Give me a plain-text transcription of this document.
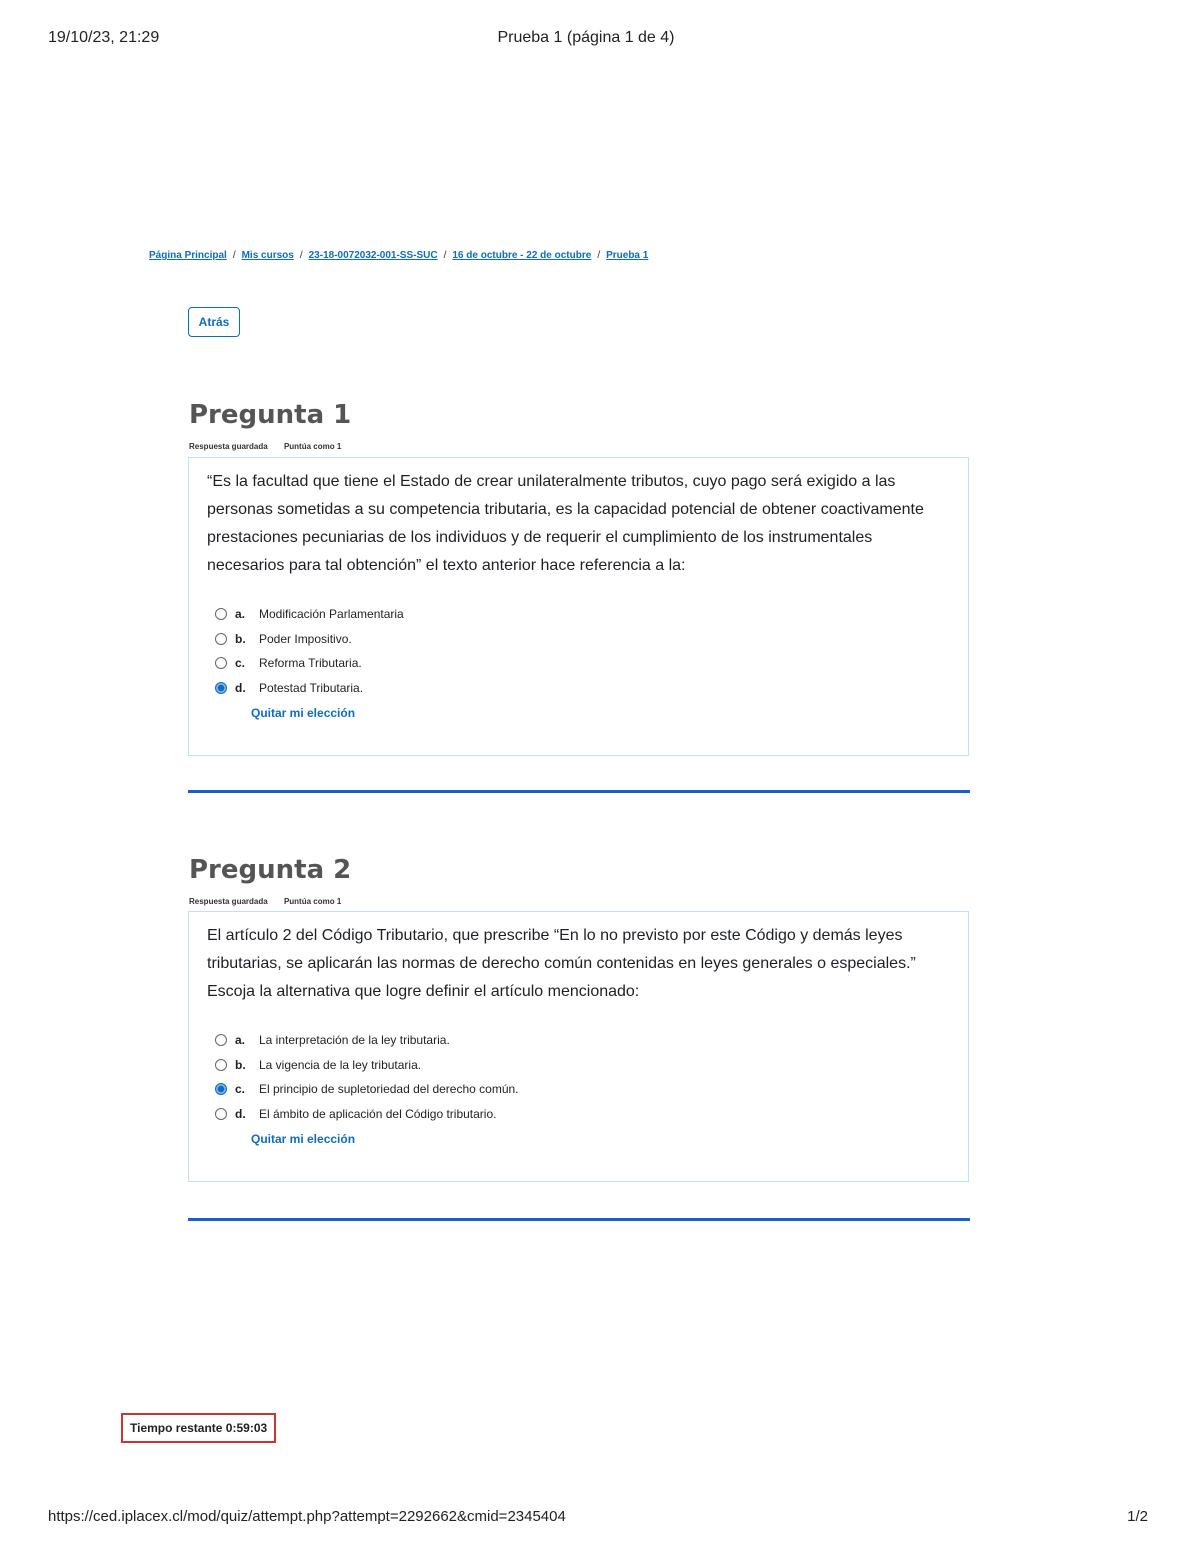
19/10/23, 21:29	Prueba 1 (página 1 de 4)
Página Principal / Mis cursos / 23-18-0072032-001-SS-SUC / 16 de octubre - 22 de octubre / Prueba 1
Atrás
Pregunta 1
Respuesta guardada Puntúa como 1

“Es la facultad que tiene el Estado de crear unilateralmente tributos, cuyo pago será exigido a las personas sometidas a su competencia tributaria, es la capacidad potencial de obtener coactivamente prestaciones pecuniarias de los individuos y de requerir el cumplimiento de los instrumentales necesarios para tal obtención” el texto anterior hace referencia a la:

a.	Modificación Parlamentaria
b.	Poder Impositivo.
c.	Reforma Tributaria.
d.	Potestad Tributaria.
Quitar mi elección
Pregunta 2
Respuesta guardada Puntúa como 1

El artículo 2 del Código Tributario, que prescribe “En lo no previsto por este Código y demás leyes tributarias, se aplicarán las normas de derecho común contenidas en leyes generales o especiales.” Escoja la alternativa que logre definir el artículo mencionado:

a.	La interpretación de la ley tributaria.
b.	La vigencia de la ley tributaria.
c.	El principio de supletoriedad del derecho común.
d.	El ámbito de aplicación del Código tributario.
Quitar mi elección
Tiempo restante 0:59:03
https://ced.iplacex.cl/mod/quiz/attempt.php?attempt=2292662&cmid=2345404	1/2
